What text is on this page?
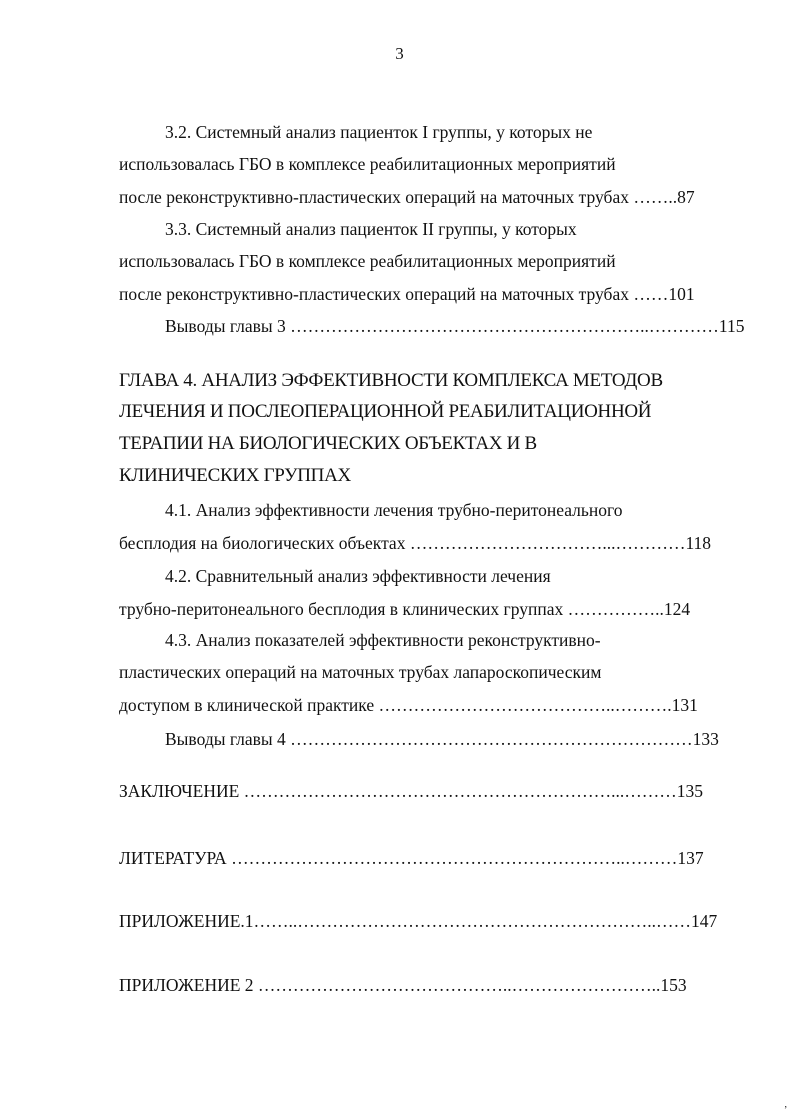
3
3.2. Системный анализ пациенток I группы, у которых не
использовалась ГБО в комплексе реабилитационных мероприятий
после реконструктивно-пластических операций на маточных трубах ……..87
3.3. Системный анализ пациенток II группы, у которых
использовалась ГБО в комплексе реабилитационных мероприятий
после реконструктивно-пластических операций на маточных трубах ……101
Выводы главы 3 ……………………………………………………..…………115
ГЛАВА 4. АНАЛИЗ ЭФФЕКТИВНОСТИ КОМПЛЕКСА МЕТОДОВ
ЛЕЧЕНИЯ И ПОСЛЕОПЕРАЦИОННОЙ РЕАБИЛИТАЦИОННОЙ
ТЕРАПИИ НА БИОЛОГИЧЕСКИХ ОБЪЕКТАХ И В
КЛИНИЧЕСКИХ ГРУППАХ
4.1. Анализ эффективности лечения трубно-перитонеального
бесплодия на биологических объектах ……………………………...…………118
4.2. Сравнительный анализ эффективности лечения
трубно-перитонеального бесплодия в клинических группах ……………..124
4.3. Анализ показателей эффективности реконструктивно-
пластических операций на маточных трубах лапароскопическим
доступом в клинической практике …………………………………..……….131
Выводы главы 4 ……………………………………………………………133
ЗАКЛЮЧЕНИЕ ………………………………………………………...………135
ЛИТЕРАТУРА …………………………………………………………..………137
ПРИЛОЖЕНИЕ.1……..……………………………………………………..……147
ПРИЛОЖЕНИЕ 2 ……………………………………..……………………..153
,
